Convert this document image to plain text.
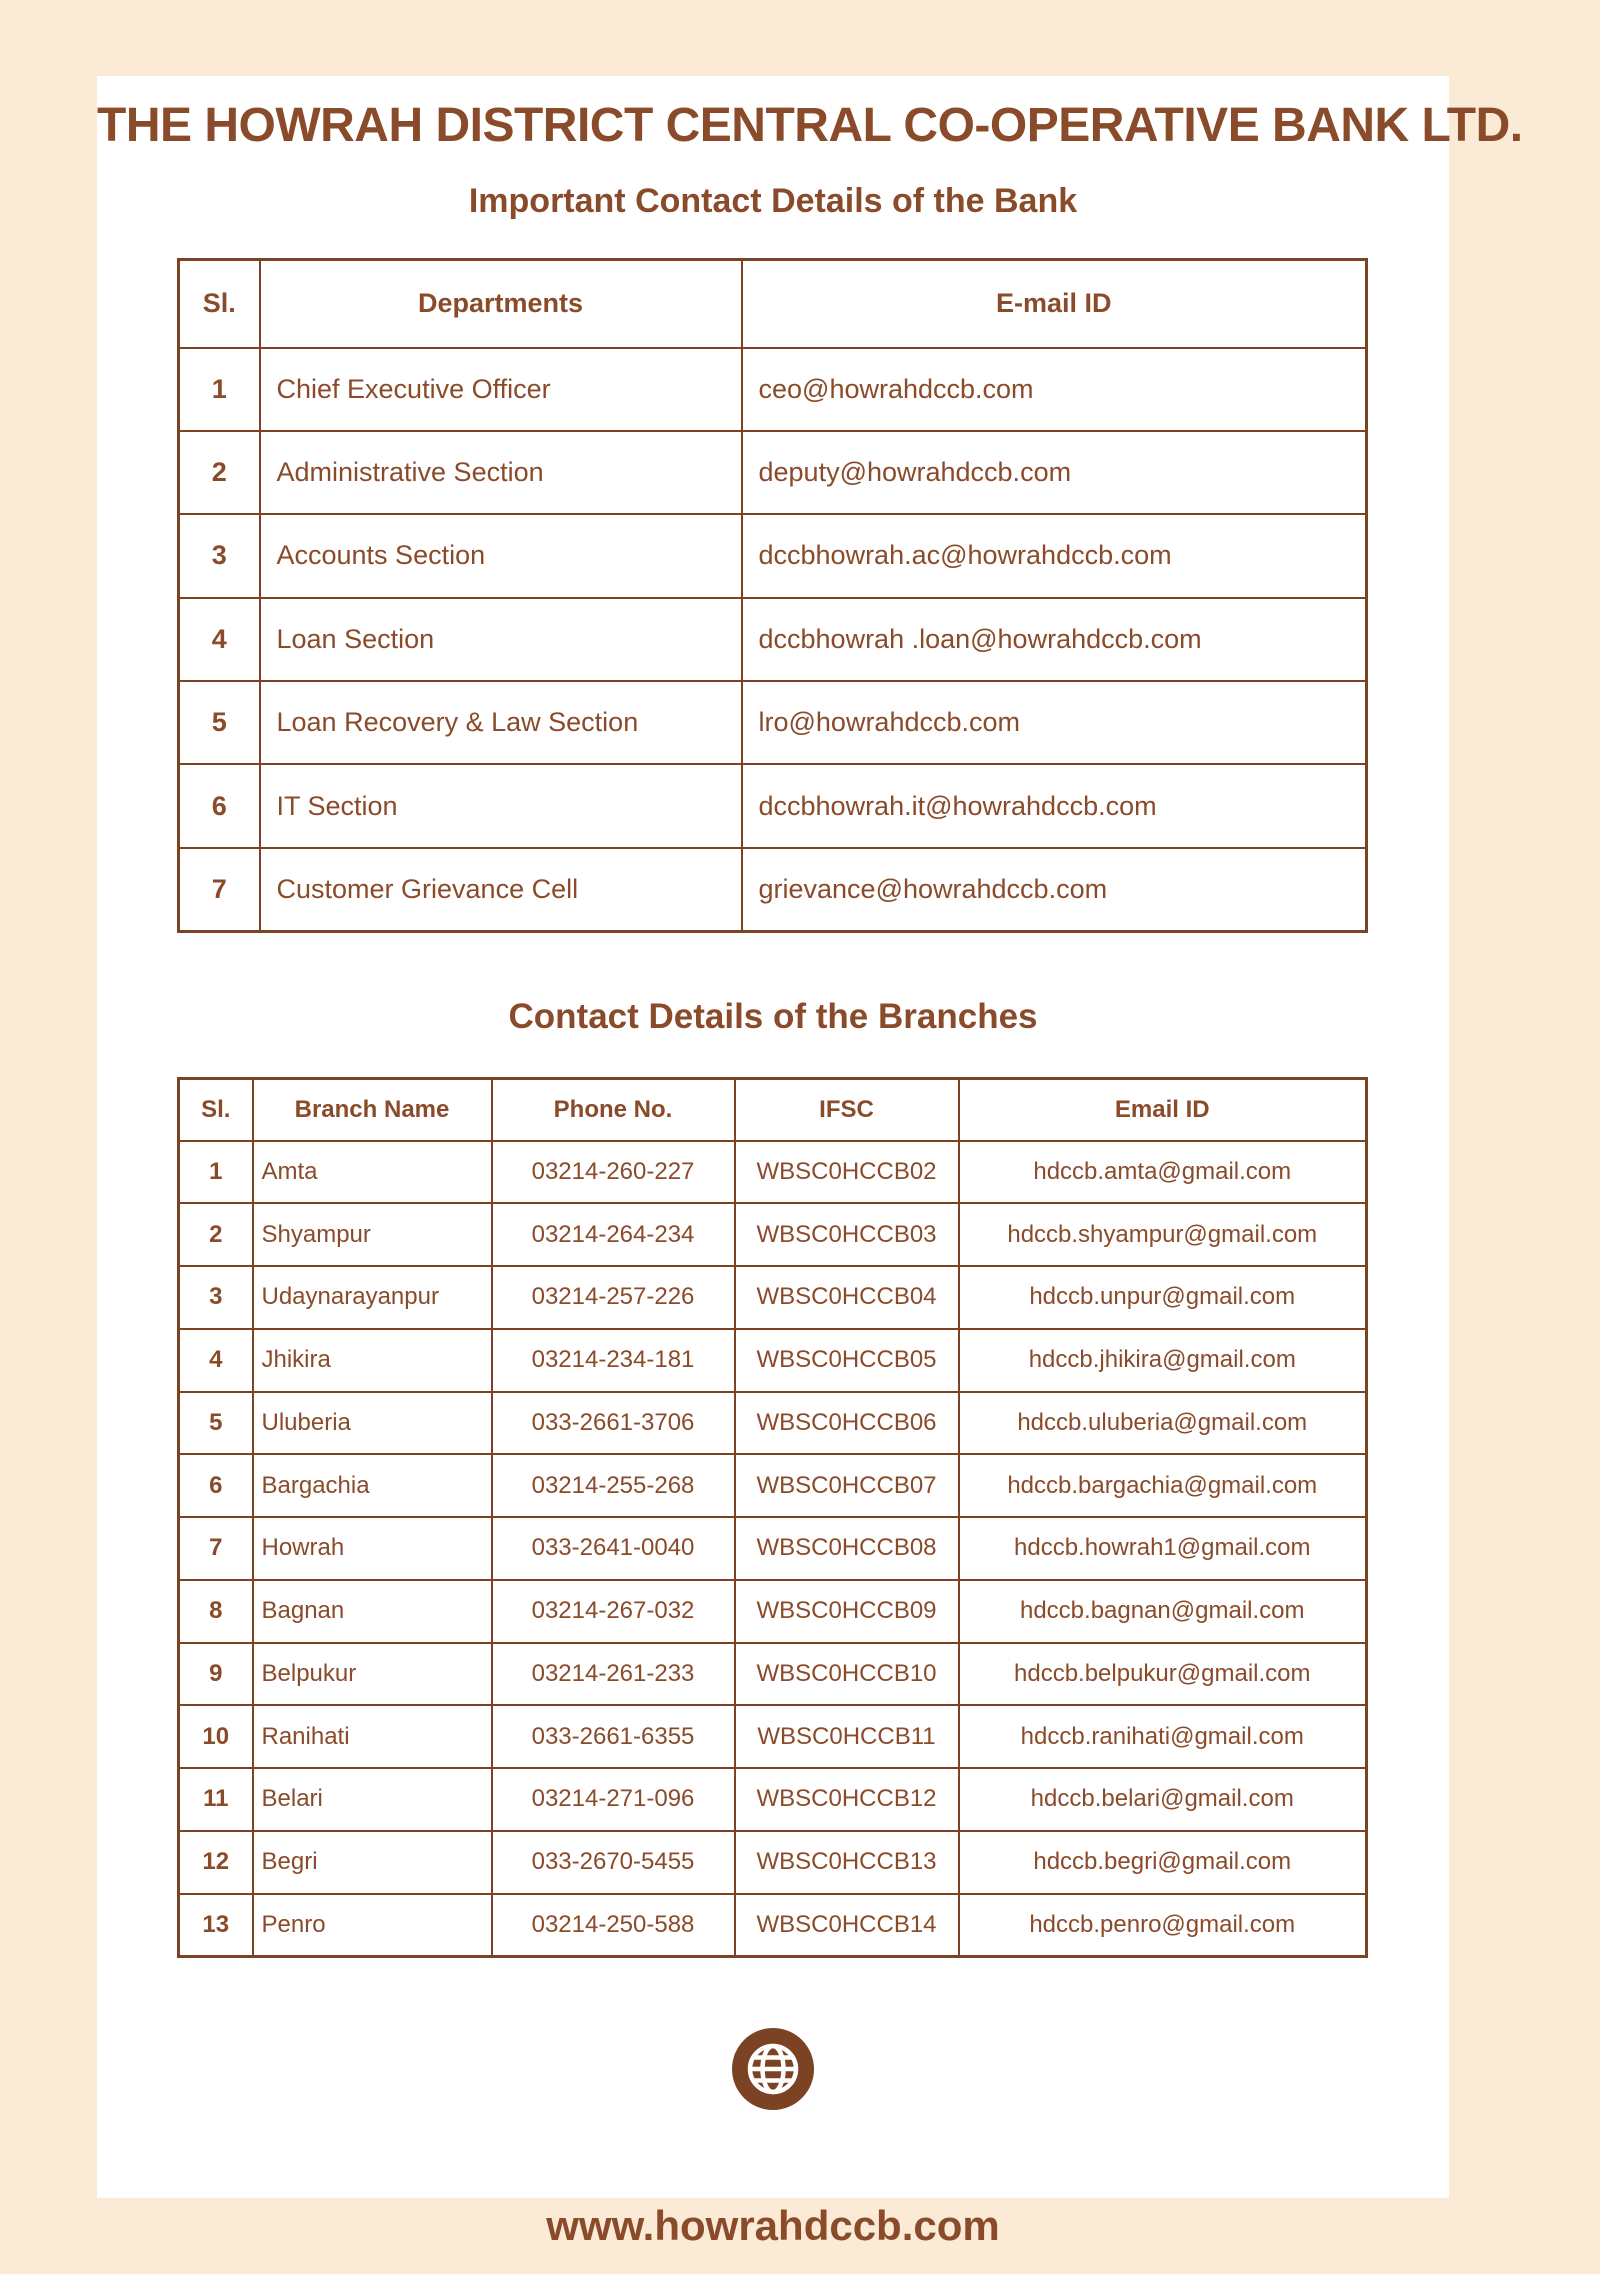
THE HOWRAH DISTRICT CENTRAL CO-OPERATIVE BANK LTD.
Important Contact Details of the Bank
Sl.	Departments	E-mail ID
1	Chief Executive Officer	ceo@howrahdccb.com
2	Administrative Section	deputy@howrahdccb.com
3	Accounts Section	dccbhowrah.ac@howrahdccb.com
4	Loan Section	dccbhowrah .loan@howrahdccb.com
5	Loan Recovery & Law Section	lro@howrahdccb.com
6	IT Section	dccbhowrah.it@howrahdccb.com
7	Customer Grievance Cell	grievance@howrahdccb.com
Contact Details of the Branches
Sl.	Branch Name	Phone No.	IFSC	Email ID
1	Amta	03214-260-227	WBSC0HCCB02	hdccb.amta@gmail.com
2	Shyampur	03214-264-234	WBSC0HCCB03	hdccb.shyampur@gmail.com
3	Udaynarayanpur	03214-257-226	WBSC0HCCB04	hdccb.unpur@gmail.com
4	Jhikira	03214-234-181	WBSC0HCCB05	hdccb.jhikira@gmail.com
5	Uluberia	033-2661-3706	WBSC0HCCB06	hdccb.uluberia@gmail.com
6	Bargachia	03214-255-268	WBSC0HCCB07	hdccb.bargachia@gmail.com
7	Howrah	033-2641-0040	WBSC0HCCB08	hdccb.howrah1@gmail.com
8	Bagnan	03214-267-032	WBSC0HCCB09	hdccb.bagnan@gmail.com
9	Belpukur	03214-261-233	WBSC0HCCB10	hdccb.belpukur@gmail.com
10	Ranihati	033-2661-6355	WBSC0HCCB11	hdccb.ranihati@gmail.com
11	Belari	03214-271-096	WBSC0HCCB12	hdccb.belari@gmail.com
12	Begri	033-2670-5455	WBSC0HCCB13	hdccb.begri@gmail.com
13	Penro	03214-250-588	WBSC0HCCB14	hdccb.penro@gmail.com
www.howrahdccb.com
